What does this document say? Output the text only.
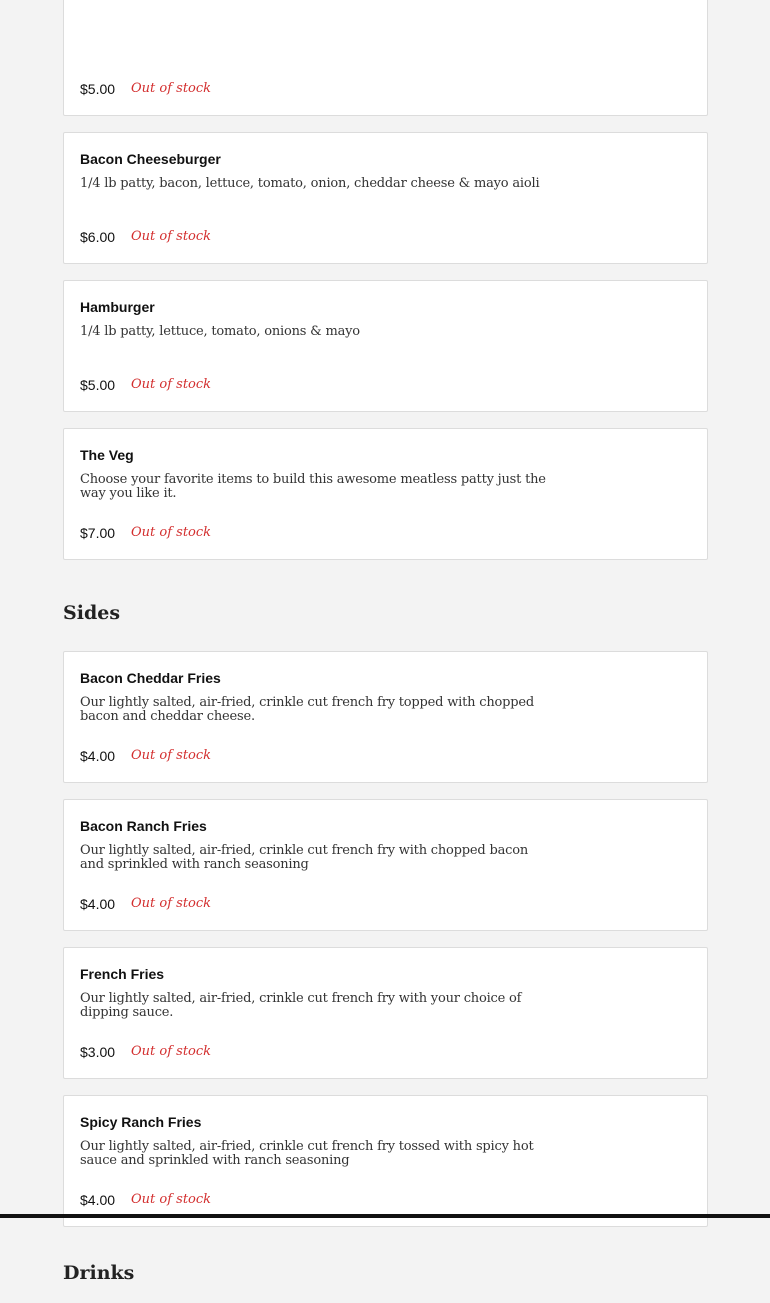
$5.00 Out of stock
Bacon Cheeseburger
1/4 lb patty, bacon, lettuce, tomato, onion, cheddar cheese & mayo aioli
$6.00 Out of stock
Hamburger
1/4 lb patty, lettuce, tomato, onions & mayo
$5.00 Out of stock
The Veg
Choose your favorite items to build this awesome meatless patty just the way you like it.
$7.00 Out of stock
Sides
Bacon Cheddar Fries
Our lightly salted, air-fried, crinkle cut french fry topped with chopped bacon and cheddar cheese.
$4.00 Out of stock
Bacon Ranch Fries
Our lightly salted, air-fried, crinkle cut french fry with chopped bacon and sprinkled with ranch seasoning
$4.00 Out of stock
French Fries
Our lightly salted, air-fried, crinkle cut french fry with your choice of dipping sauce.
$3.00 Out of stock
Spicy Ranch Fries
Our lightly salted, air-fried, crinkle cut french fry tossed with spicy hot sauce and sprinkled with ranch seasoning
$4.00 Out of stock
Drinks
